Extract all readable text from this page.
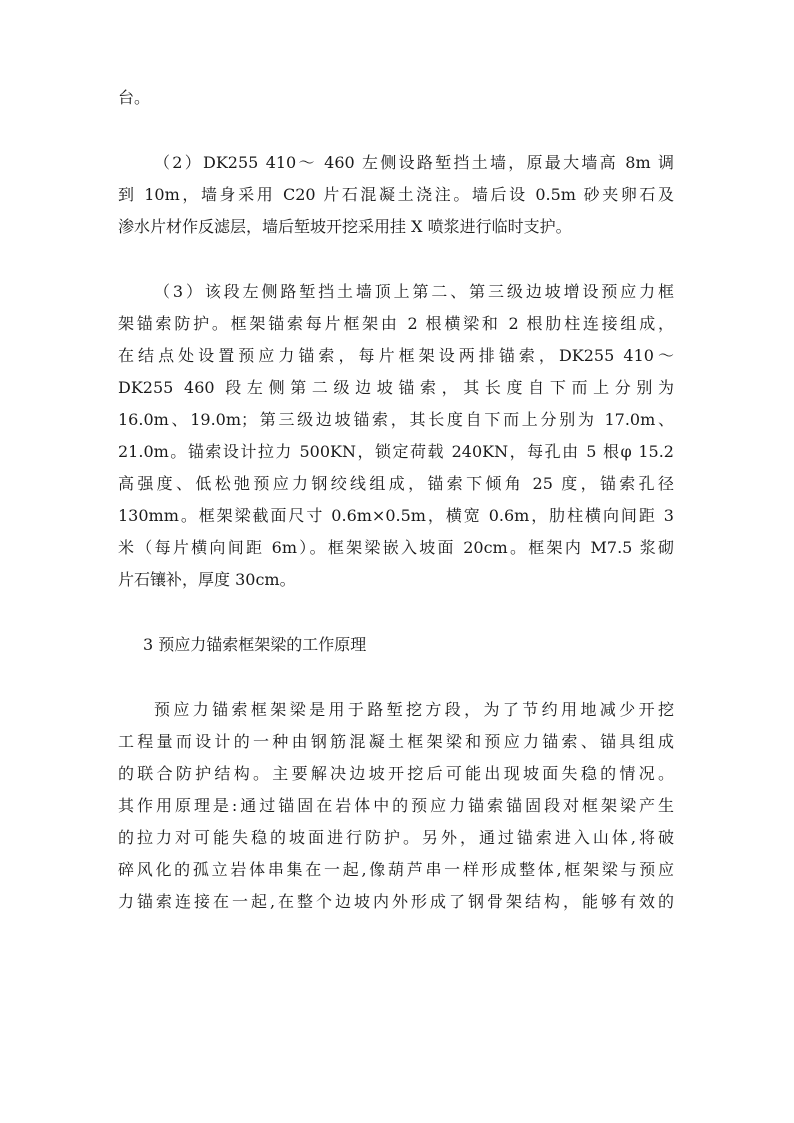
台。
（2）DK255 410～ 460 左侧设路堑挡土墙，原最大墙高 8m 调
到 10m，墙身采用 C20 片石混凝土浇注。墙后设 0.5m 砂夹卵石及
渗水片材作反滤层，墙后堑坡开挖采用挂 X 喷浆进行临时支护。
（3）该段左侧路堑挡土墙顶上第二、第三级边坡增设预应力框
架锚索防护。框架锚索每片框架由 2 根横梁和 2 根肋柱连接组成，
在结点处设置预应力锚索，每片框架设两排锚索，DK255 410～
DK255 460 段左侧第二级边坡锚索，其长度自下而上分别为
16.0m、19.0m；第三级边坡锚索，其长度自下而上分别为 17.0m、
21.0m。锚索设计拉力 500KN，锁定荷载 240KN，每孔由 5 根φ 15.2
高强度、低松弛预应力钢绞线组成，锚索下倾角 25 度，锚索孔径
130mm。框架梁截面尺寸 0.6m×0.5m，横宽 0.6m，肋柱横向间距 3
米（每片横向间距 6m）。框架梁嵌入坡面 20cm。框架内 M7.5 浆砌
片石镶补，厚度 30cm。
3 预应力锚索框架梁的工作原理
预应力锚索框架梁是用于路堑挖方段，为了节约用地减少开挖
工程量而设计的一种由钢筋混凝土框架梁和预应力锚索、锚具组成
的联合防护结构。主要解决边坡开挖后可能出现坡面失稳的情况。
其作用原理是:通过锚固在岩体中的预应力锚索锚固段对框架梁产生
的拉力对可能失稳的坡面进行防护。另外，通过锚索进入山体,将破
碎风化的孤立岩体串集在一起,像葫芦串一样形成整体,框架梁与预应
力锚索连接在一起,在整个边坡内外形成了钢骨架结构，能够有效的
